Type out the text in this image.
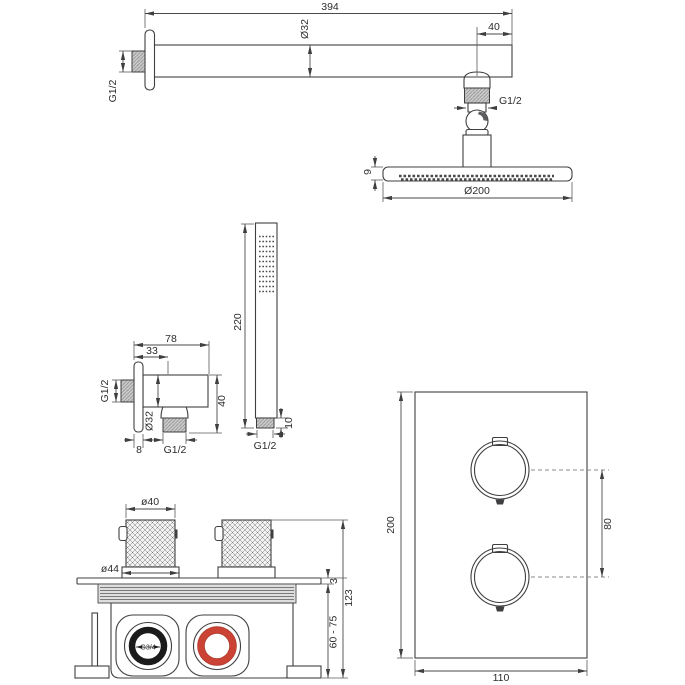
394
Ø32	40
G1/2	G1/2
9
Ø200
220
10
G1/2
78
33
G1/2
Ø32
40
8 G1/2
80
200
110
G3/4
ø40
ø44
123
3
60 - 75
